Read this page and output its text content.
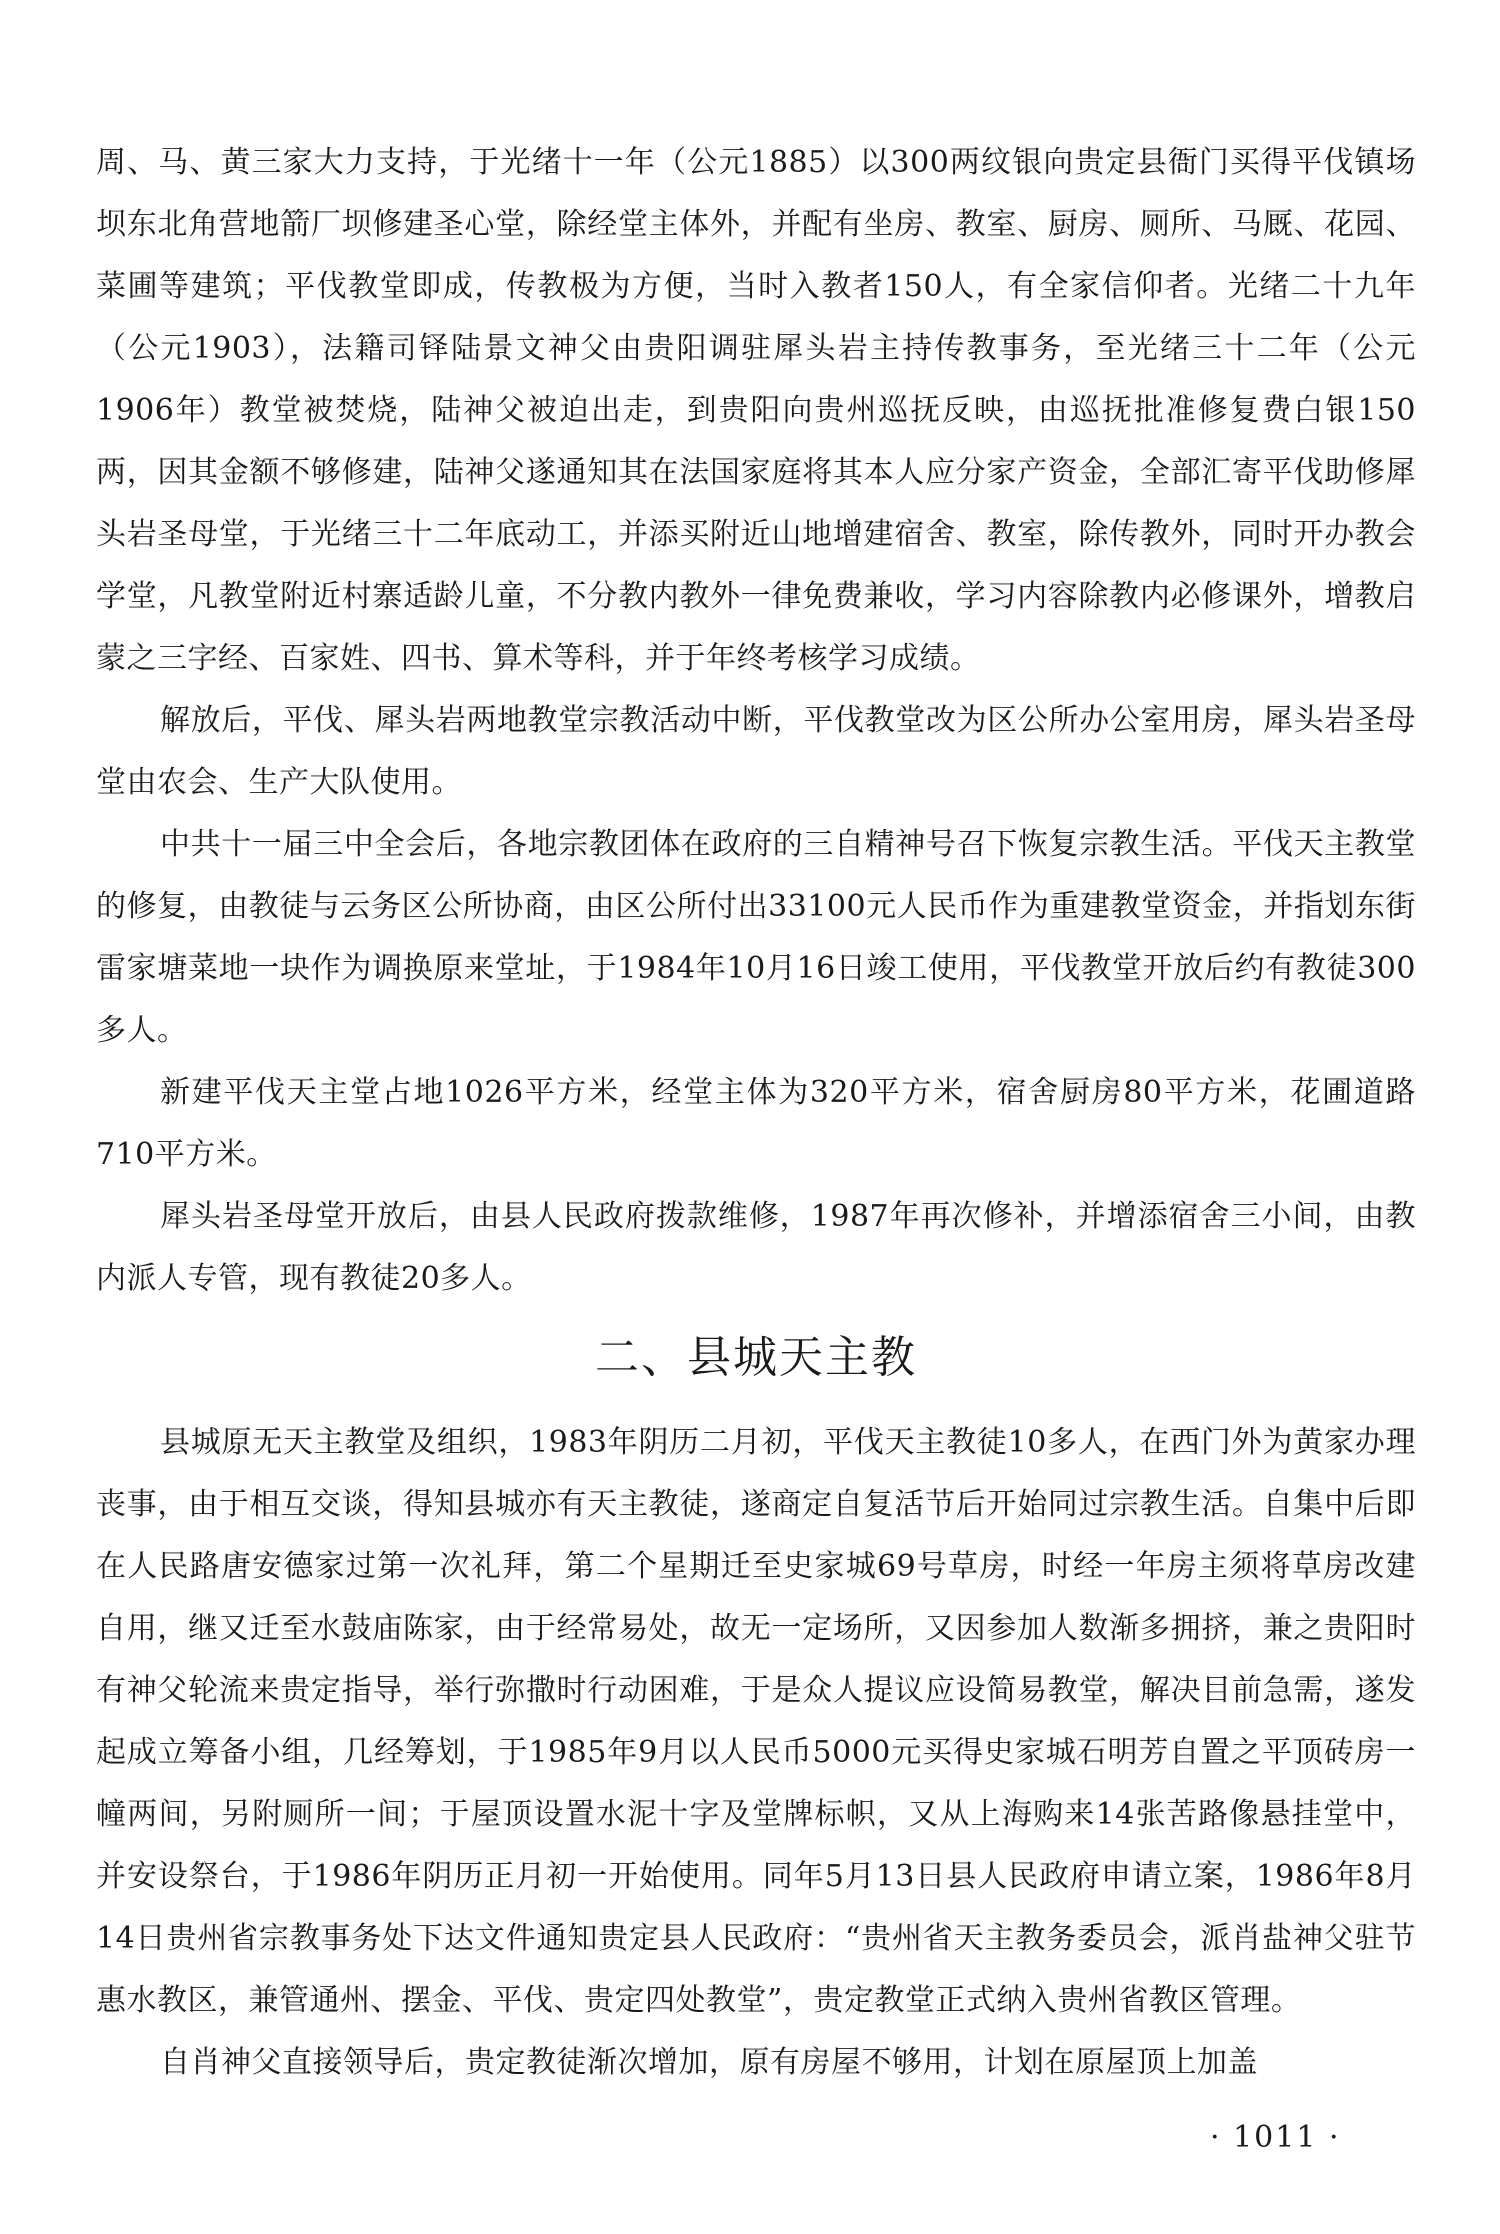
周、马、黄三家大力支持，于光绪十一年（公元1885）以300两纹银向贵定县衙门买得平伐镇场坝东北角营地箭厂坝修建圣心堂，除经堂主体外，并配有坐房、教室、厨房、厕所、马厩、花园、菜圃等建筑；平伐教堂即成，传教极为方便，当时入教者150人，有全家信仰者。光绪二十九年（公元1903），法籍司铎陆景文神父由贵阳调驻犀头岩主持传教事务，至光绪三十二年（公元1906年）教堂被焚烧，陆神父被迫出走，到贵阳向贵州巡抚反映，由巡抚批准修复费白银150两，因其金额不够修建，陆神父遂通知其在法国家庭将其本人应分家产资金，全部汇寄平伐助修犀头岩圣母堂，于光绪三十二年底动工，并添买附近山地增建宿舍、教室，除传教外，同时开办教会学堂，凡教堂附近村寨适龄儿童，不分教内教外一律免费兼收，学习内容除教内必修课外，增教启蒙之三字经、百家姓、四书、算术等科，并于年终考核学习成绩。

解放后，平伐、犀头岩两地教堂宗教活动中断，平伐教堂改为区公所办公室用房，犀头岩圣母堂由农会、生产大队使用。

中共十一届三中全会后，各地宗教团体在政府的三自精神号召下恢复宗教生活。平伐天主教堂的修复，由教徒与云务区公所协商，由区公所付出33100元人民币作为重建教堂资金，并指划东街雷家塘菜地一块作为调换原来堂址，于1984年10月16日竣工使用，平伐教堂开放后约有教徒300多人。

新建平伐天主堂占地1026平方米，经堂主体为320平方米，宿舍厨房80平方米，花圃道路710平方米。

犀头岩圣母堂开放后，由县人民政府拨款维修，1987年再次修补，并增添宿舍三小间，由教内派人专管，现有教徒20多人。

二、县城天主教

县城原无天主教堂及组织，1983年阴历二月初，平伐天主教徒10多人，在西门外为黄家办理丧事，由于相互交谈，得知县城亦有天主教徒，遂商定自复活节后开始同过宗教生活。自集中后即在人民路唐安德家过第一次礼拜，第二个星期迁至史家城69号草房，时经一年房主须将草房改建自用，继又迁至水鼓庙陈家，由于经常易处，故无一定场所，又因参加人数渐多拥挤，兼之贵阳时有神父轮流来贵定指导，举行弥撒时行动困难，于是众人提议应设简易教堂，解决目前急需，遂发起成立筹备小组，几经筹划，于1985年9月以人民币5000元买得史家城石明芳自置之平顶砖房一幢两间，另附厕所一间；于屋顶设置水泥十字及堂牌标帜，又从上海购来14张苦路像悬挂堂中，并安设祭台，于1986年阴历正月初一开始使用。同年5月13日县人民政府申请立案，1986年8月14日贵州省宗教事务处下达文件通知贵定县人民政府：“贵州省天主教务委员会，派肖盐神父驻节惠水教区，兼管通州、摆金、平伐、贵定四处教堂”，贵定教堂正式纳入贵州省教区管理。

自肖神父直接领导后，贵定教徒渐次增加，原有房屋不够用，计划在原屋顶上加盖

· 1011 ·
